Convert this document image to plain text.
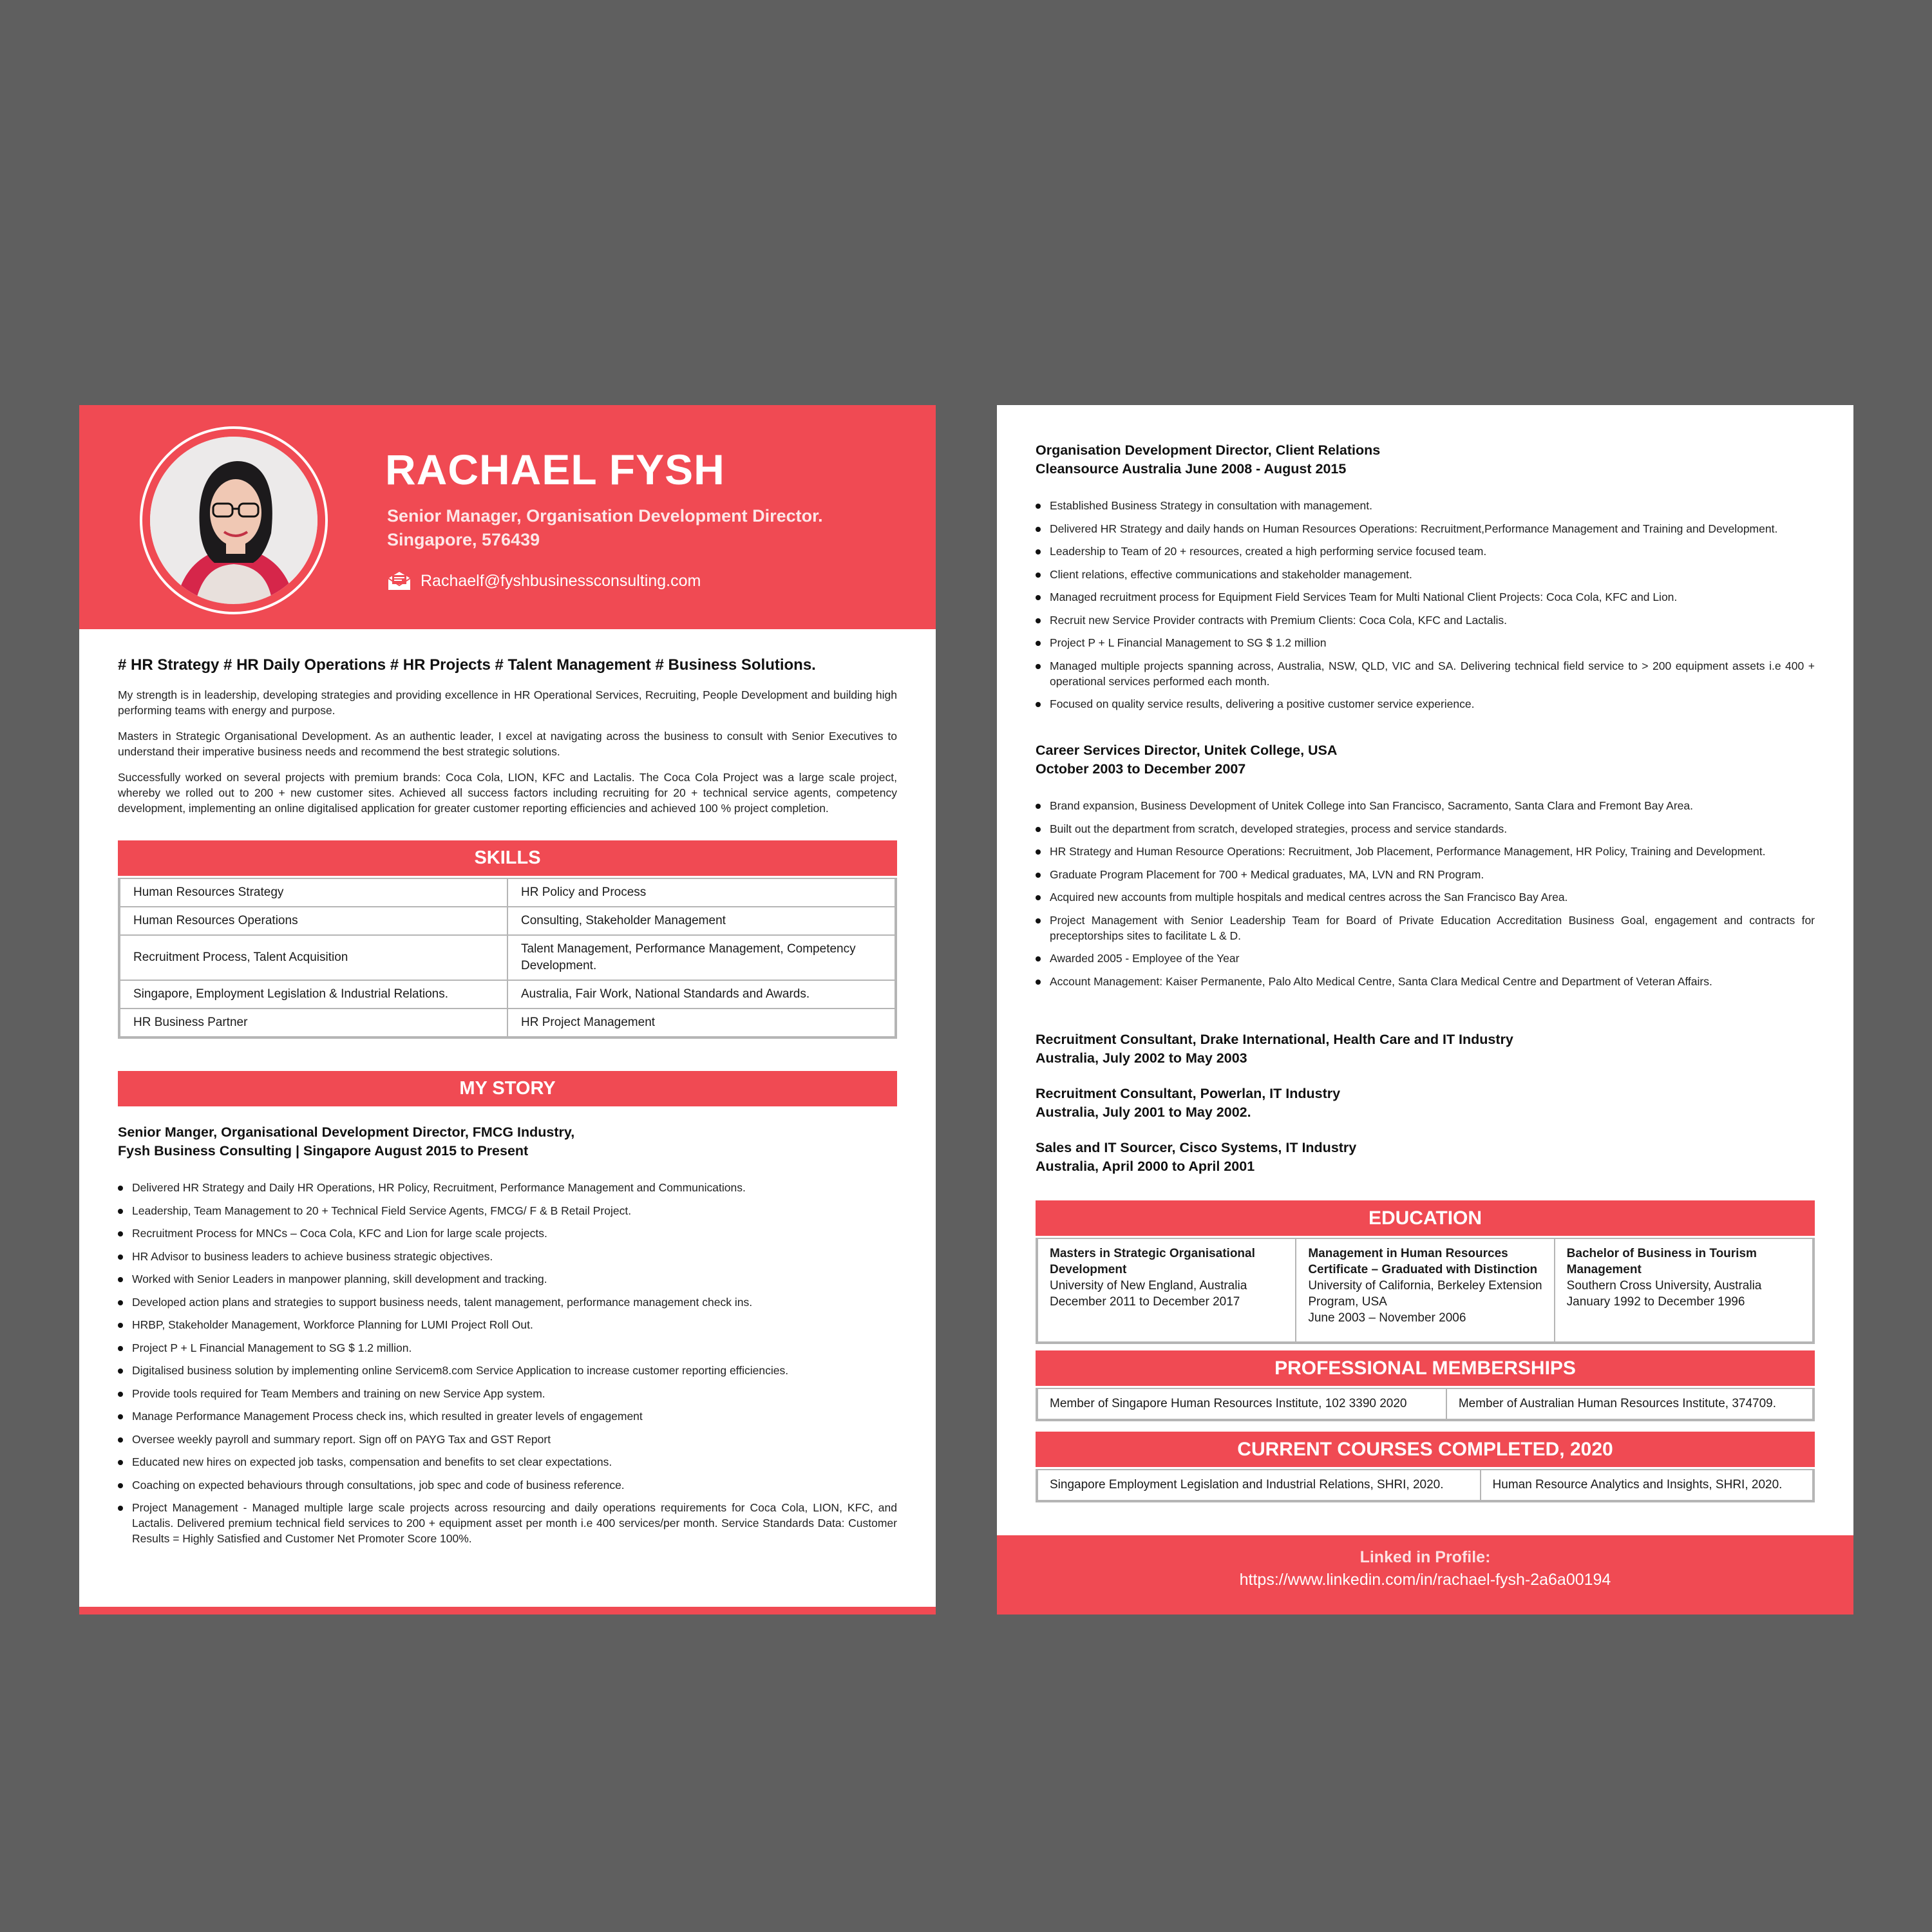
RACHAEL FYSH
Senior Manager, Organisation Development Director.
Singapore, 576439
Rachaelf@fyshbusinessconsulting.com
# HR Strategy # HR Daily Operations # HR Projects # Talent Management # Business Solutions.

My strength is in leadership, developing strategies and providing excellence in HR Operational Services, Recruiting, People Development and building high performing teams with energy and purpose.

Masters in Strategic Organisational Development. As an authentic leader, I excel at navigating across the business to consult with Senior Executives to understand their imperative business needs and recommend the best strategic solutions.

Successfully worked on several projects with premium brands: Coca Cola, LION, KFC and Lactalis. The Coca Cola Project was a large scale project, whereby we rolled out to 200 + new customer sites. Achieved all success factors including recruiting for 20 + technical service agents, competency development, implementing an online digitalised application for greater customer reporting efficiencies and achieved 100 % project completion.

SKILLS
Human Resources Strategy	HR Policy and Process
Human Resources Operations	Consulting, Stakeholder Management
Recruitment Process, Talent Acquisition	Talent Management, Performance Management, Competency Development.
Singapore, Employment Legislation & Industrial Relations.	Australia, Fair Work, National Standards and Awards.
HR Business Partner	HR Project Management
MY STORY
Senior Manger, Organisational Development Director, FMCG Industry,
Fysh Business Consulting | Singapore August 2015 to Present
Delivered HR Strategy and Daily HR Operations, HR Policy, Recruitment, Performance Management and Communications.
Leadership, Team Management to 20 + Technical Field Service Agents, FMCG/ F & B Retail Project.
Recruitment Process for MNCs – Coca Cola, KFC and Lion for large scale projects.
HR Advisor to business leaders to achieve business strategic objectives.
Worked with Senior Leaders in manpower planning, skill development and tracking.
Developed action plans and strategies to support business needs, talent management, performance management check ins.
HRBP, Stakeholder Management, Workforce Planning for LUMI Project Roll Out.
Project P + L Financial Management to SG $ 1.2 million.
Digitalised business solution by implementing online Servicem8.com Service Application to increase customer reporting efficiencies.
Provide tools required for Team Members and training on new Service App system.
Manage Performance Management Process check ins, which resulted in greater levels of engagement
Oversee weekly payroll and summary report. Sign off on PAYG Tax and GST Report
Educated new hires on expected job tasks, compensation and benefits to set clear expectations.
Coaching on expected behaviours through consultations, job spec and code of business reference.
Project Management - Managed multiple large scale projects across resourcing and daily operations requirements for Coca Cola, LION, KFC, and Lactalis. Delivered premium technical field services to 200 + equipment asset per month i.e 400 services/per month. Service Standards Data: Customer Results = Highly Satisfied and Customer Net Promoter Score 100%.
Organisation Development Director, Client Relations
Cleansource Australia June 2008 - August 2015
Established Business Strategy in consultation with management.
Delivered HR Strategy and daily hands on Human Resources Operations: Recruitment,Performance Management and Training and Development.
Leadership to Team of 20 + resources, created a high performing service focused team.
Client relations, effective communications and stakeholder management.
Managed recruitment process for Equipment Field Services Team for Multi National Client Projects: Coca Cola, KFC and Lion.
Recruit new Service Provider contracts with Premium Clients: Coca Cola, KFC and Lactalis.
Project P + L Financial Management to SG $ 1.2 million
Managed multiple projects spanning across, Australia, NSW, QLD, VIC and SA. Delivering technical field service to > 200 equipment assets i.e 400 + operational services performed each month.
Focused on quality service results, delivering a positive customer service experience.
Career Services Director, Unitek College, USA
October 2003 to December 2007
Brand expansion, Business Development of Unitek College into San Francisco, Sacramento, Santa Clara and Fremont Bay Area.
Built out the department from scratch, developed strategies, process and service standards.
HR Strategy and Human Resource Operations: Recruitment, Job Placement, Performance Management, HR Policy, Training and Development.
Graduate Program Placement for 700 + Medical graduates, MA, LVN and RN Program.
Acquired new accounts from multiple hospitals and medical centres across the San Francisco Bay Area.
Project Management with Senior Leadership Team for Board of Private Education Accreditation Business Goal, engagement and contracts for preceptorships sites to facilitate L & D.
Awarded 2005 - Employee of the Year
Account Management: Kaiser Permanente, Palo Alto Medical Centre, Santa Clara Medical Centre and Department of Veteran Affairs.
Recruitment Consultant, Drake International, Health Care and IT Industry
Australia, July 2002 to May 2003
Recruitment Consultant, Powerlan, IT Industry
Australia, July 2001 to May 2002.
Sales and IT Sourcer, Cisco Systems, IT Industry
Australia, April 2000 to April 2001
EDUCATION
Masters in Strategic Organisational Development
University of New England, Australia
December 2011 to December 2017

Management in Human Resources Certificate – Graduated with Distinction
University of California, Berkeley Extension Program, USA
June 2003 – November 2006

Bachelor of Business in Tourism Management
Southern Cross University, Australia
January 1992 to December 1996
PROFESSIONAL MEMBERSHIPS
Member of Singapore Human Resources Institute, 102 3390 2020	Member of Australian Human Resources Institute, 374709.
CURRENT COURSES COMPLETED, 2020
Singapore Employment Legislation and Industrial Relations, SHRI, 2020.	Human Resource Analytics and Insights, SHRI, 2020.
Linked in Profile:
https://www.linkedin.com/in/rachael-fysh-2a6a00194
